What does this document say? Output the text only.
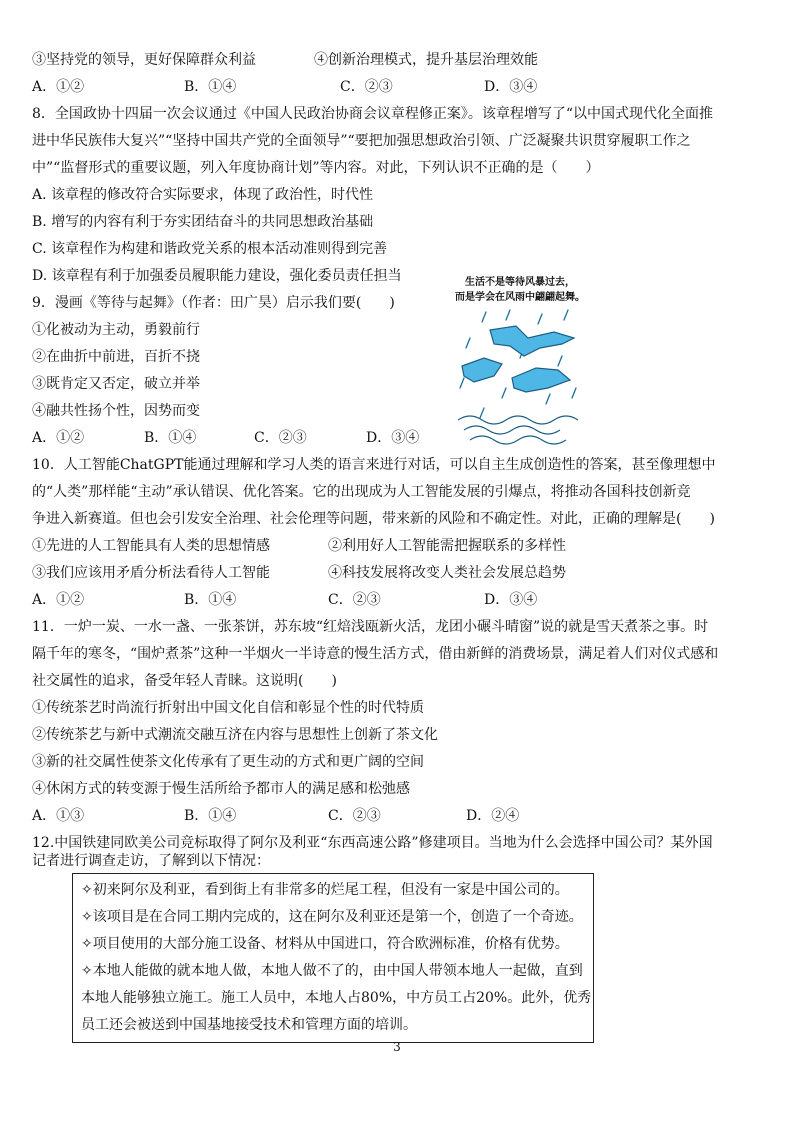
③坚持党的领导，更好保障群众利益	④创新治理模式，提升基层治理效能
A．①②	B．①④	C．②③	D．③④
8．全国政协十四届一次会议通过《中国人民政治协商会议章程修正案》。该章程增写了“以中国式现代化全面推
进中华民族伟大复兴”“坚持中国共产党的全面领导”“要把加强思想政治引领、广泛凝聚共识贯穿履职工作之
中”“监督形式的重要议题，列入年度协商计划”等内容。对此，下列认识不正确的是（　　）
A. 该章程的修改符合实际要求，体现了政治性，时代性
B. 增写的内容有利于夯实团结奋斗的共同思想政治基础
C. 该章程作为构建和谐政党关系的根本活动准则得到完善
D. 该章程有利于加强委员履职能力建设，强化委员责任担当
9．漫画《等待与起舞》（作者：田广昊）启示我们要(　　)
①化被动为主动，勇毅前行
②在曲折中前进，百折不挠
③既肯定又否定，破立并举
④融共性扬个性，因势而变
A．①②	B．①④	C．②③	D．③④
生活不是等待风暴过去，
而是学会在风雨中翩翩起舞。
10．人工智能ChatGPT能通过理解和学习人类的语言来进行对话，可以自主生成创造性的答案，甚至像理想中
的“人类”那样能“主动”承认错误、优化答案。它的出现成为人工智能发展的引爆点，将推动各国科技创新竞
争进入新赛道。但也会引发安全治理、社会伦理等问题，带来新的风险和不确定性。对此，正确的理解是(　　)
①先进的人工智能具有人类的思想情感	②利用好人工智能需把握联系的多样性
③我们应该用矛盾分析法看待人工智能	④科技发展将改变人类社会发展总趋势
A．①②	B．①④	C．②③	D．③④
11．一炉一炭、一水一盏、一张茶饼，苏东坡“红焙浅瓯新火活，龙团小碾斗晴窗”说的就是雪天煮茶之事。时
隔千年的寒冬，“围炉煮茶”这种一半烟火一半诗意的慢生活方式，借由新鲜的消费场景，满足着人们对仪式感和
社交属性的追求，备受年轻人青睐。这说明(　　)
①传统茶艺时尚流行折射出中国文化自信和彰显个性的时代特质
②传统茶艺与新中式潮流交融互济在内容与思想性上创新了茶文化
③新的社交属性使茶文化传承有了更生动的方式和更广阔的空间
④休闲方式的转变源于慢生活所给予都市人的满足感和松弛感
A．①③	B．①④	C．②③	D．②④
12.中国铁建同欧美公司竞标取得了阿尔及利亚“东西高速公路”修建项目。当地为什么会选择中国公司？某外国
记者进行调查走访，了解到以下情况：
✧初来阿尔及利亚，看到街上有非常多的烂尾工程，但没有一家是中国公司的。
✧该项目是在合同工期内完成的，这在阿尔及利亚还是第一个，创造了一个奇迹。
✧项目使用的大部分施工设备、材料从中国进口，符合欧洲标准，价格有优势。
✧本地人能做的就本地人做，本地人做不了的，由中国人带领本地人一起做，直到
本地人能够独立施工。施工人员中，本地人占80%，中方员工占20%。此外，优秀
员工还会被送到中国基地接受技术和管理方面的培训。
3
